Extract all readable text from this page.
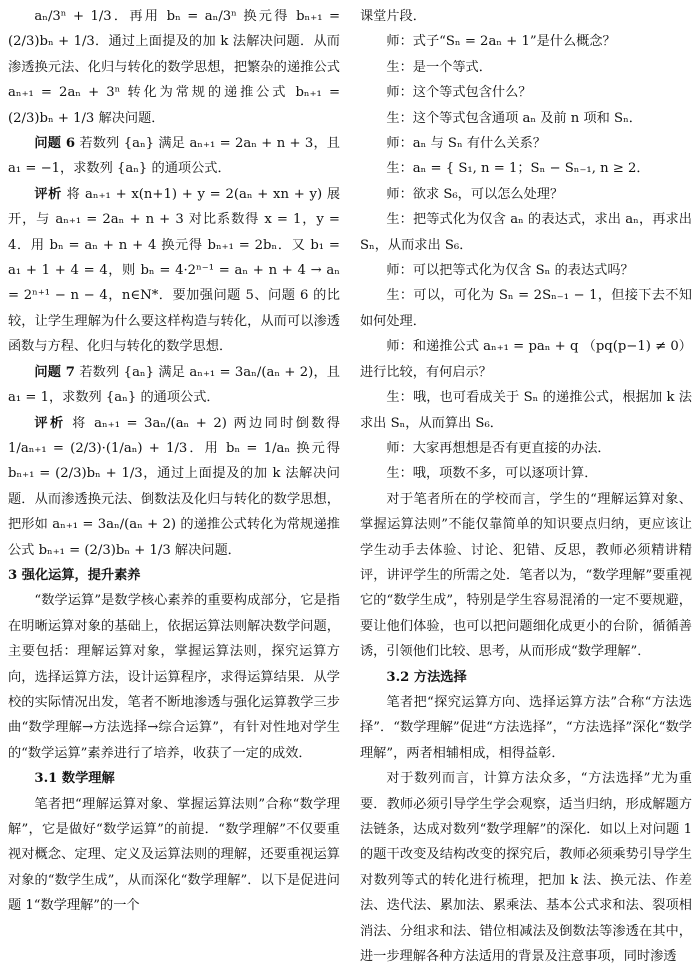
aₙ/3ⁿ + 1/3．再用 bₙ = aₙ/3ⁿ 换元得 bₙ₊₁ = (2/3)bₙ + 1/3．通过上面提及的加 k 法解决问题．从而渗透换元法、化归与转化的数学思想，把繁杂的递推公式 aₙ₊₁ = 2aₙ + 3ⁿ 转化为常规的递推公式 bₙ₊₁ = (2/3)bₙ + 1/3 解决问题．

问题 6 若数列 {aₙ} 满足 aₙ₊₁ = 2aₙ + n + 3，且 a₁ = −1，求数列 {aₙ} 的通项公式．

评析 将 aₙ₊₁ + x(n+1) + y = 2(aₙ + xn + y) 展开，与 aₙ₊₁ = 2aₙ + n + 3 对比系数得 x = 1，y = 4．用 bₙ = aₙ + n + 4 换元得 bₙ₊₁ = 2bₙ．又 b₁ = a₁ + 1 + 4 = 4，则 bₙ = 4·2ⁿ⁻¹ = aₙ + n + 4 → aₙ = 2ⁿ⁺¹ − n − 4，n∈N*．要加强问题 5、问题 6 的比较，让学生理解为什么要这样构造与转化，从而可以渗透函数与方程、化归与转化的数学思想．

问题 7 若数列 {aₙ} 满足 aₙ₊₁ = 3aₙ/(aₙ + 2)，且 a₁ = 1，求数列 {aₙ} 的通项公式．

评析 将 aₙ₊₁ = 3aₙ/(aₙ + 2) 两边同时倒数得 1/aₙ₊₁ = (2/3)·(1/aₙ) + 1/3．用 bₙ = 1/aₙ 换元得 bₙ₊₁ = (2/3)bₙ + 1/3，通过上面提及的加 k 法解决问题．从而渗透换元法、倒数法及化归与转化的数学思想，把形如 aₙ₊₁ = 3aₙ/(aₙ + 2) 的递推公式转化为常规递推公式 bₙ₊₁ = (2/3)bₙ + 1/3 解决问题．

3 强化运算，提升素养

“数学运算”是数学核心素养的重要构成部分，它是指在明晰运算对象的基础上，依据运算法则解决数学问题，主要包括：理解运算对象，掌握运算法则，探究运算方向，选择运算方法，设计运算程序，求得运算结果．从学校的实际情况出发，笔者不断地渗透与强化运算教学三步曲“数学理解→方法选择→综合运算”，有针对性地对学生的“数学运算”素养进行了培养，收获了一定的成效．

3.1 数学理解

笔者把“理解运算对象、掌握运算法则”合称“数学理解”，它是做好“数学运算”的前提．“数学理解”不仅要重视对概念、定理、定义及运算法则的理解，还要重视运算对象的“数学生成”，从而深化“数学理解”．以下是促进问题 1“数学理解”的一个

课堂片段．

师：式子“Sₙ = 2aₙ + 1”是什么概念？

生：是一个等式．

师：这个等式包含什么？

生：这个等式包含通项 aₙ 及前 n 项和 Sₙ．

师：aₙ 与 Sₙ 有什么关系？

生：aₙ = { S₁, n = 1；Sₙ − Sₙ₋₁, n ≥ 2．

师：欲求 S₆，可以怎么处理？

生：把等式化为仅含 aₙ 的表达式，求出 aₙ，再求出 Sₙ，从而求出 S₆．

师：可以把等式化为仅含 Sₙ 的表达式吗？

生：可以，可化为 Sₙ = 2Sₙ₋₁ − 1，但接下去不知如何处理．

师：和递推公式 aₙ₊₁ = paₙ + q （pq(p−1) ≠ 0）进行比较，有何启示？

生：哦，也可看成关于 Sₙ 的递推公式，根据加 k 法求出 Sₙ，从而算出 S₆．

师：大家再想想是否有更直接的办法．

生：哦，项数不多，可以逐项计算．

对于笔者所在的学校而言，学生的“理解运算对象、掌握运算法则”不能仅靠简单的知识要点归纳，更应该让学生动手去体验、讨论、犯错、反思，教师必须精讲精评，讲评学生的所需之处．笔者以为，“数学理解”要重视它的“数学生成”，特别是学生容易混淆的一定不要规避，要让他们体验，也可以把问题细化成更小的台阶，循循善诱，引领他们比较、思考，从而形成“数学理解”．

3.2 方法选择

笔者把“探究运算方向、选择运算方法”合称“方法选择”．“数学理解”促进“方法选择”，“方法选择”深化“数学理解”，两者相辅相成，相得益彰．

对于数列而言，计算方法众多，“方法选择”尤为重要．教师必须引导学生学会观察，适当归纳，形成解题方法链条，达成对数列“数学理解”的深化．如以上对问题 1 的题干改变及结构改变的探究后，教师必须乘势引导学生对数列等式的转化进行梳理，把加 k 法、换元法、作差法、迭代法、累加法、累乘法、基本公式求和法、裂项相消法、分组求和法、错位相减法及倒数法等渗透在其中，进一步理解各种方法适用的背景及注意事项，同时渗透
